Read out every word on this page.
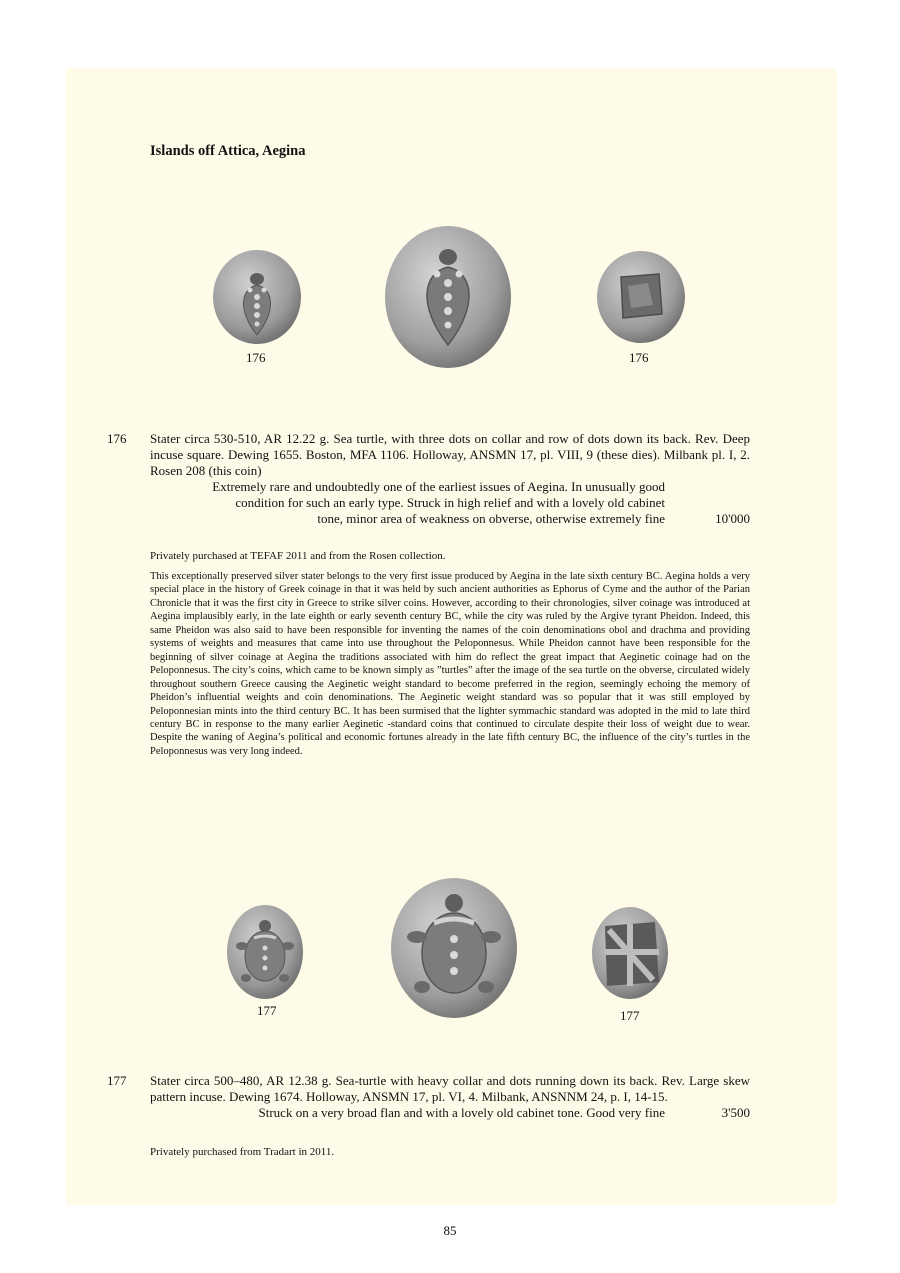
Islands off Attica, Aegina
176	176
176 Stater circa 530-510, AR 12.22 g. Sea turtle, with three dots on collar and row of dots down its back. Rev. Deep incuse square. Dewing 1655. Boston, MFA 1106. Holloway, ANSMN 17, pl. VIII, 9 (these dies). Milbank pl. I, 2. Rosen 208 (this coin)
Extremely rare and undoubtedly one of the earliest issues of Aegina. In unusually good
condition for such an early type. Struck in high relief and with a lovely old cabinet
tone, minor area of weakness on obverse, otherwise extremely fine	10'000
Privately purchased at TEFAF 2011 and from the Rosen collection.
This exceptionally preserved silver stater belongs to the very first issue produced by Aegina in the late sixth century BC. Aegina holds a very special place in the history of Greek coinage in that it was held by such ancient authorities as Ephorus of Cyme and the author of the Parian Chronicle that it was the first city in Greece to strike silver coins. However, according to their chronologies, silver coinage was introduced at Aegina implausibly early, in the late eighth or early seventh century BC, while the city was ruled by the Argive tyrant Pheidon. Indeed, this same Pheidon was also said to have been responsible for inventing the names of the coin denominations obol and drachma and providing systems of weights and measures that came into use throughout the Peloponnesus. While Pheidon cannot have been responsible for the beginning of silver coinage at Aegina the traditions associated with him do reflect the great impact that Aeginetic coinage had on the Peloponnesus. The city’s coins, which came to be known simply as ”turtles” after the image of the sea turtle on the obverse, circulated widely throughout southern Greece causing the Aeginetic weight standard to become preferred in the region, seemingly echoing the memory of Pheidon’s influential weights and coin denominations. The Aeginetic weight standard was so popular that it was still employed by Peloponnesian mints into the third century BC. It has been surmised that the lighter symmachic standard was adopted in the mid to late third century BC in response to the many earlier Aeginetic -standard coins that continued to circulate despite their loss of weight due to wear. Despite the waning of Aegina’s political and economic fortunes already in the late fifth century BC, the influence of the city’s turtles in the Peloponnesus was very long indeed.
177	177
177 Stater circa 500–480, AR 12.38 g. Sea-turtle with heavy collar and dots running down its back. Rev. Large skew pattern incuse. Dewing 1674. Holloway, ANSMN 17, pl. VI, 4. Milbank, ANSNNM 24, p. I, 14-15.
Struck on a very broad flan and with a lovely old cabinet tone. Good very fine	3'500
Privately purchased from Tradart in 2011.
85
